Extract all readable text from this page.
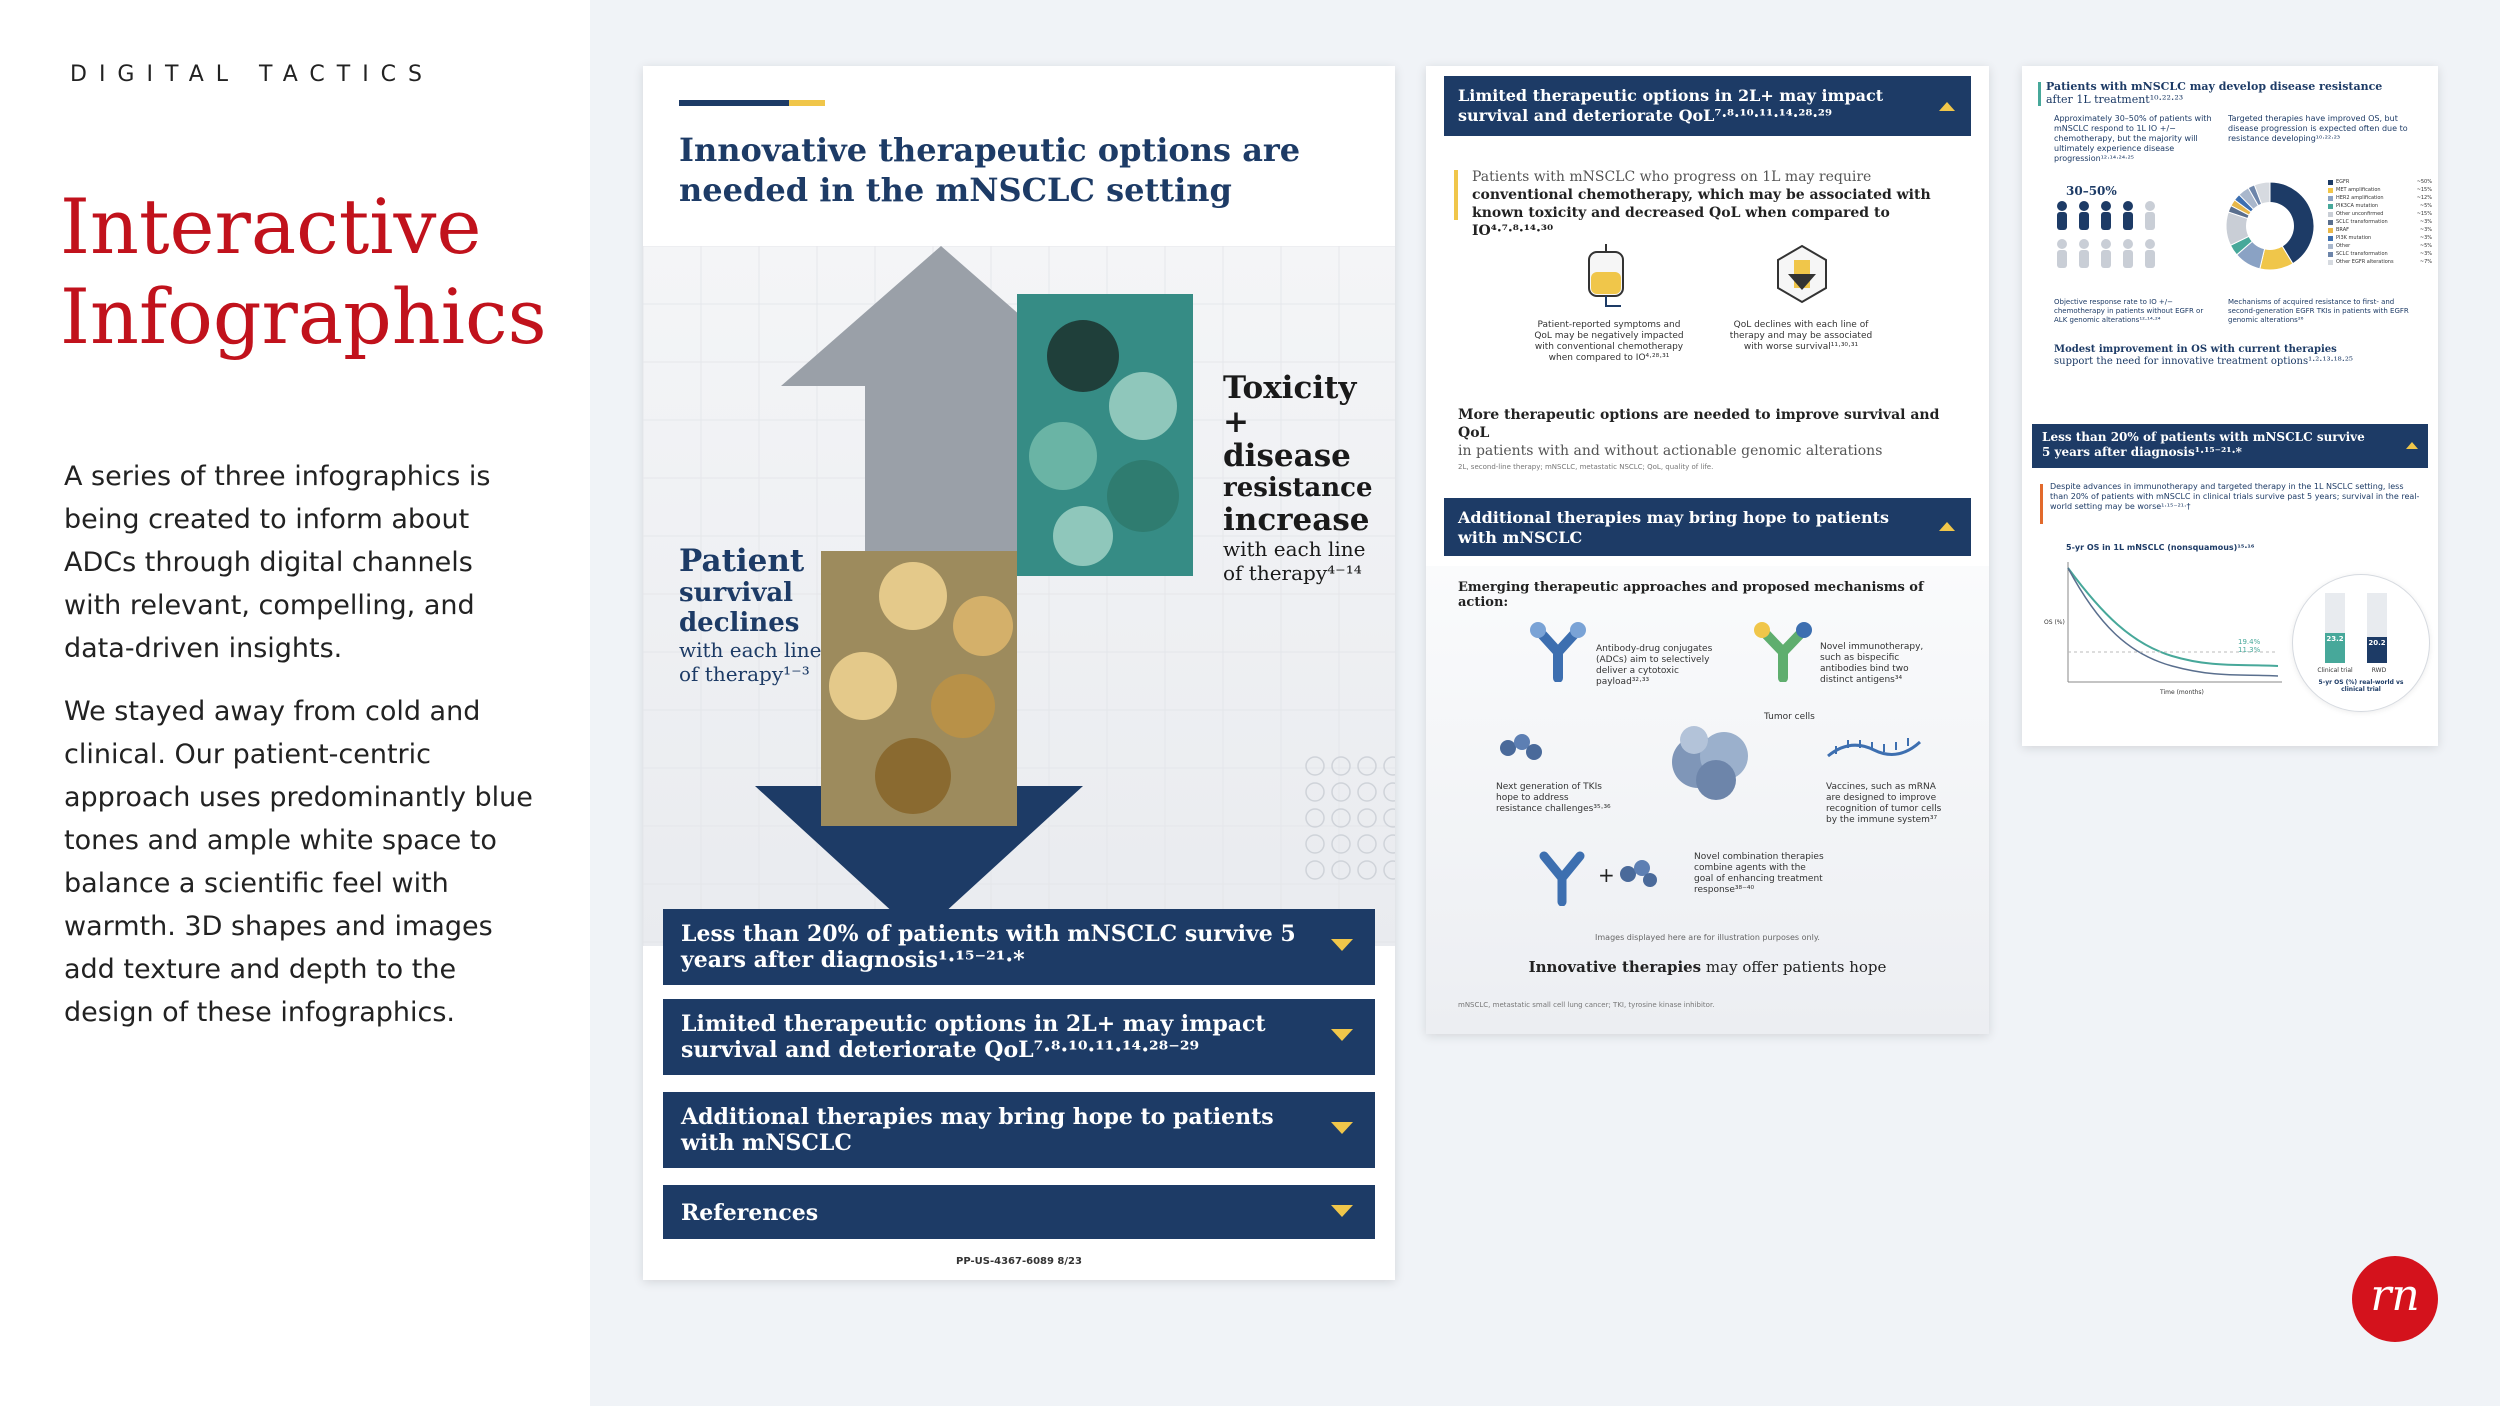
DIGITAL TACTICS
Interactive
Infographics
A series of three infographics is being created to inform about ADCs through digital channels with relevant, compelling, and data-driven insights.
We stayed away from cold and clinical. Our patient-centric approach uses predominantly blue tones and ample white space to balance a scientific feel with warmth. 3D shapes and images add texture and depth to the design of these infographics.
Innovative therapeutic options are needed in the mNSCLC setting
Toxicity +
disease
resistance
increase
with each line
of therapy⁴⁻¹⁴
Patient
survival
declines
with each line
of therapy¹⁻³
Less than 20% of patients with mNSCLC survive 5 years after diagnosis¹·¹⁵⁻²¹·*
Limited therapeutic options in 2L+ may impact survival and deteriorate QoL⁷·⁸·¹⁰·¹¹·¹⁴·²⁸⁻²⁹
Additional therapies may bring hope to patients with mNSCLC
References
PP-US-4367-6089 8/23
Limited therapeutic options in 2L+ may impact survival and deteriorate QoL⁷·⁸·¹⁰·¹¹·¹⁴·²⁸·²⁹
Patients with mNSCLC who progress on 1L may require
conventional chemotherapy, which may be associated with
known toxicity and decreased QoL when compared to IO⁴·⁷·⁸·¹⁴·³⁰
Patient-reported symptoms and QoL may be negatively impacted with conventional chemotherapy when compared to IO⁴·²⁸·³¹
QoL declines with each line of therapy and may be associated with worse survival¹¹·³⁰·³¹
More therapeutic options are needed to improve survival and QoL
in patients with and without actionable genomic alterations
2L, second-line therapy; mNSCLC, metastatic NSCLC; QoL, quality of life.
Additional therapies may bring hope to patients with mNSCLC
Emerging therapeutic approaches and proposed mechanisms of action:
Antibody-drug conjugates (ADCs) aim to selectively deliver a cytotoxic payload³²·³³
Novel immunotherapy, such as bispecific antibodies bind two distinct antigens³⁴
Tumor cells
Next generation of TKIs hope to address resistance challenges³⁵·³⁶
Vaccines, such as mRNA are designed to improve recognition of tumor cells by the immune system³⁷
+
Novel combination therapies combine agents with the goal of enhancing treatment response³⁸⁻⁴⁰
Images displayed here are for illustration purposes only.
Innovative therapies may offer patients hope
mNSCLC, metastatic small cell lung cancer; TKI, tyrosine kinase inhibitor.
Patients with mNSCLC may develop disease resistance
after 1L treatment¹⁰·²²·²³
Approximately 30–50% of patients with mNSCLC respond to 1L IO +/− chemotherapy, but the majority will ultimately experience disease progression¹²·¹⁴·²⁴·²⁵
Targeted therapies have improved OS, but disease progression is expected often due to resistance developing¹⁰·²²·²³
30–50%
EGFR	~50%
MET amplification	~15%
HER2 amplification	~12%
PIK3CA mutation	~5%
Other unconfirmed	~15%
SCLC transformation	~3%
BRAF	~3%
PI3K mutation	~3%
Other	~5%
SCLC transformation	~3%
Other EGFR alterations	~7%
Objective response rate to IO +/− chemotherapy in patients without EGFR or ALK genomic alterations¹²·¹⁴·²⁴
Mechanisms of acquired resistance to first- and second-generation EGFR TKIs in patients with EGFR genomic alterations²⁶
Modest improvement in OS with current therapies
support the need for innovative treatment options¹·²·¹³·¹⁸·²⁵
Less than 20% of patients with mNSCLC survive 5 years after diagnosis¹·¹⁵⁻²¹·*
Despite advances in immunotherapy and targeted therapy in the 1L NSCLC setting, less than 20% of patients with mNSCLC in clinical trials survive past 5 years; survival in the real-world setting may be worse¹·¹⁵⁻²¹·†
5-yr OS in 1L mNSCLC (nonsquamous)¹⁵·¹⁶
19.4%
11.3%
Time (months)
OS (%)
23.2	20.2
Clinical trial	RWD
5-yr OS (%) real-world vs clinical trial
rn
